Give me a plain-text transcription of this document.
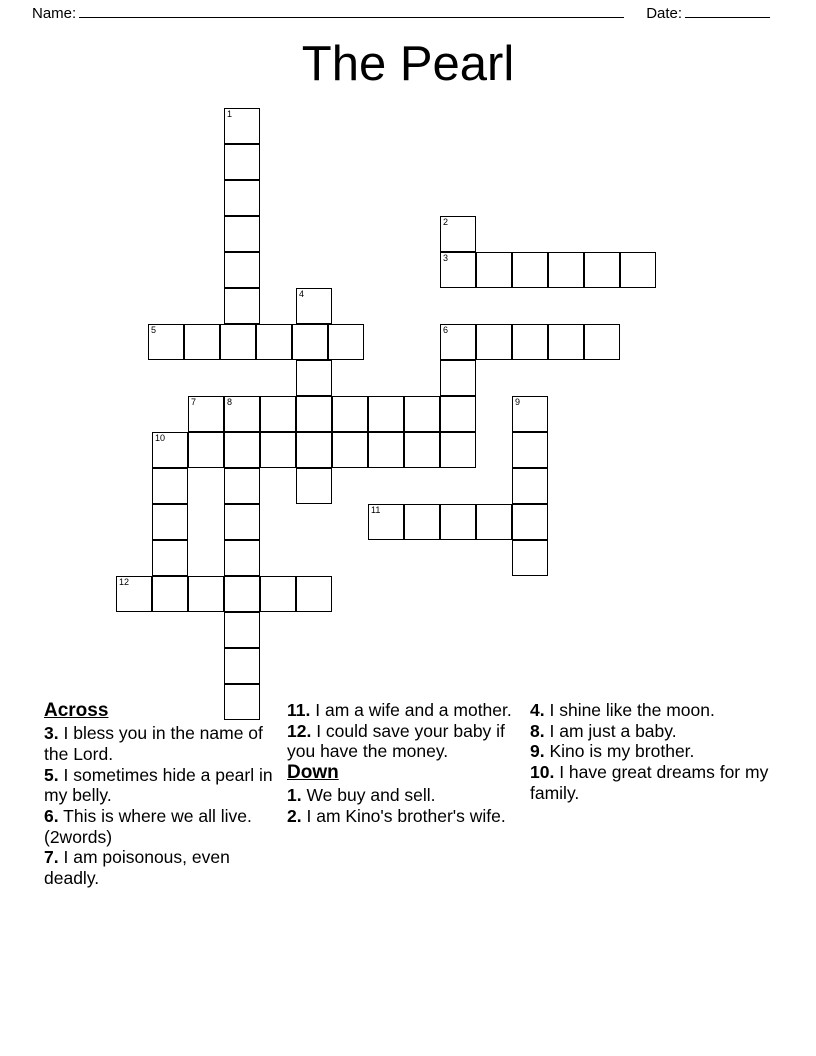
Name:	Date:
The Pearl
1
2
3
4
5	6
7	8	9
10
11
12
Across
3. I bless you in the name of the Lord.
5. I sometimes hide a pearl in my belly.
6. This is where we all live. (2words)
7. I am poisonous, even deadly.
11. I am a wife and a mother.
12. I could save your baby if you have the money.
Down
1. We buy and sell.
2. I am Kino's brother's wife.
4. I shine like the moon.
8. I am just a baby.
9. Kino is my brother.
10. I have great dreams for my family.
